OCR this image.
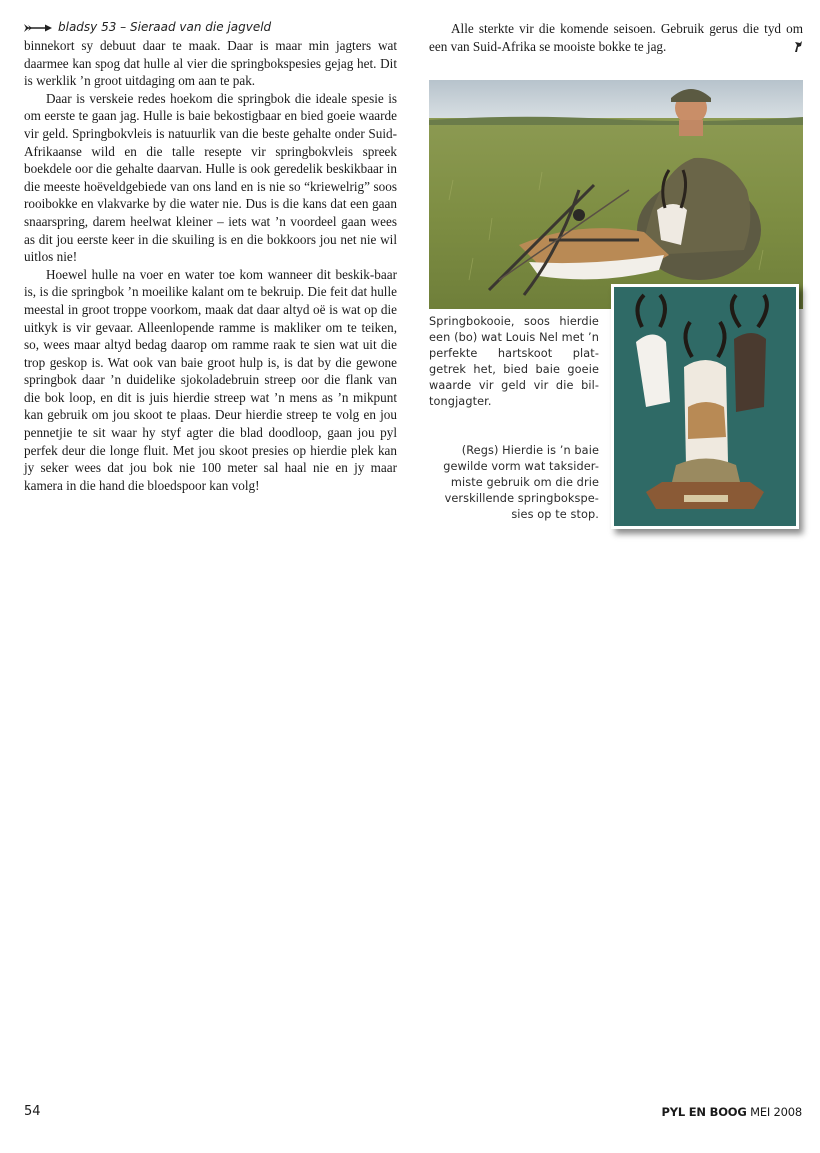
bladsy 53 – Sieraad van die jagveld

binnekort sy debuut daar te maak. Daar is maar min jagters wat daarmee kan spog dat hulle al vier die springbokspesies gejag het. Dit is werklik ’n groot uitdaging om aan te pak.

Daar is verskeie redes hoekom die springbok die ideale spesie is om eerste te gaan jag. Hulle is baie bekostigbaar en bied goeie waarde vir geld. Springbokvleis is natuurlik van die beste gehalte onder Suid-Afrikaanse wild en die talle resepte vir springbokvleis spreek boekdele oor die gehalte daarvan. Hulle is ook geredelik beskikbaar in die meeste hoëveldgebiede van ons land en is nie so “kriewelrig” soos rooibokke en vlakvarke by die water nie. Dus is die kans dat een gaan snaarspring, darem heelwat kleiner – iets wat ’n voordeel gaan wees as dit jou eerste keer in die skuiling is en die bokkoors jou net nie wil uitlos nie!

Hoewel hulle na voer en water toe kom wanneer dit beskik-baar is, is die springbok ’n moeilike kalant om te bekruip. Die feit dat hulle meestal in groot troppe voorkom, maak dat daar altyd oë is wat op die uitkyk is vir gevaar. Alleenlopende ramme is makliker om te teiken, so, wees maar altyd bedag daarop om ramme raak te sien wat uit die trop geskop is. Wat ook van baie groot hulp is, is dat by die gewone springbok daar ’n duidelike sjokoladebruin streep oor die flank van die bok loop, en dit is juis hierdie streep wat ’n mens as ’n mikpunt kan gebruik om jou skoot te plaas. Deur hierdie streep te volg en jou pennetjie te sit waar hy styf agter die blad doodloop, gaan jou pyl perfek deur die longe fluit. Met jou skoot presies op hierdie plek kan jy seker wees dat jou bok nie 100 meter sal haal nie en jy maar kamera in die hand die bloedspoor kan volg!

Alle sterkte vir die komende seisoen. Gebruik gerus die tyd om een van Suid-Afrika se mooiste bokke te jag.

Springbokooie, soos hierdie een (bo) wat Louis Nel met ’n perfekte hartskoot plat-getrek het, bied baie goeie waarde vir geld vir die bil-tongjagter.
(Regs) Hierdie is ’n baie gewilde vorm wat taksider-miste gebruik om die drie verskillende springbokspe-sies op te stop.
54	PYL EN BOOG MEI 2008
